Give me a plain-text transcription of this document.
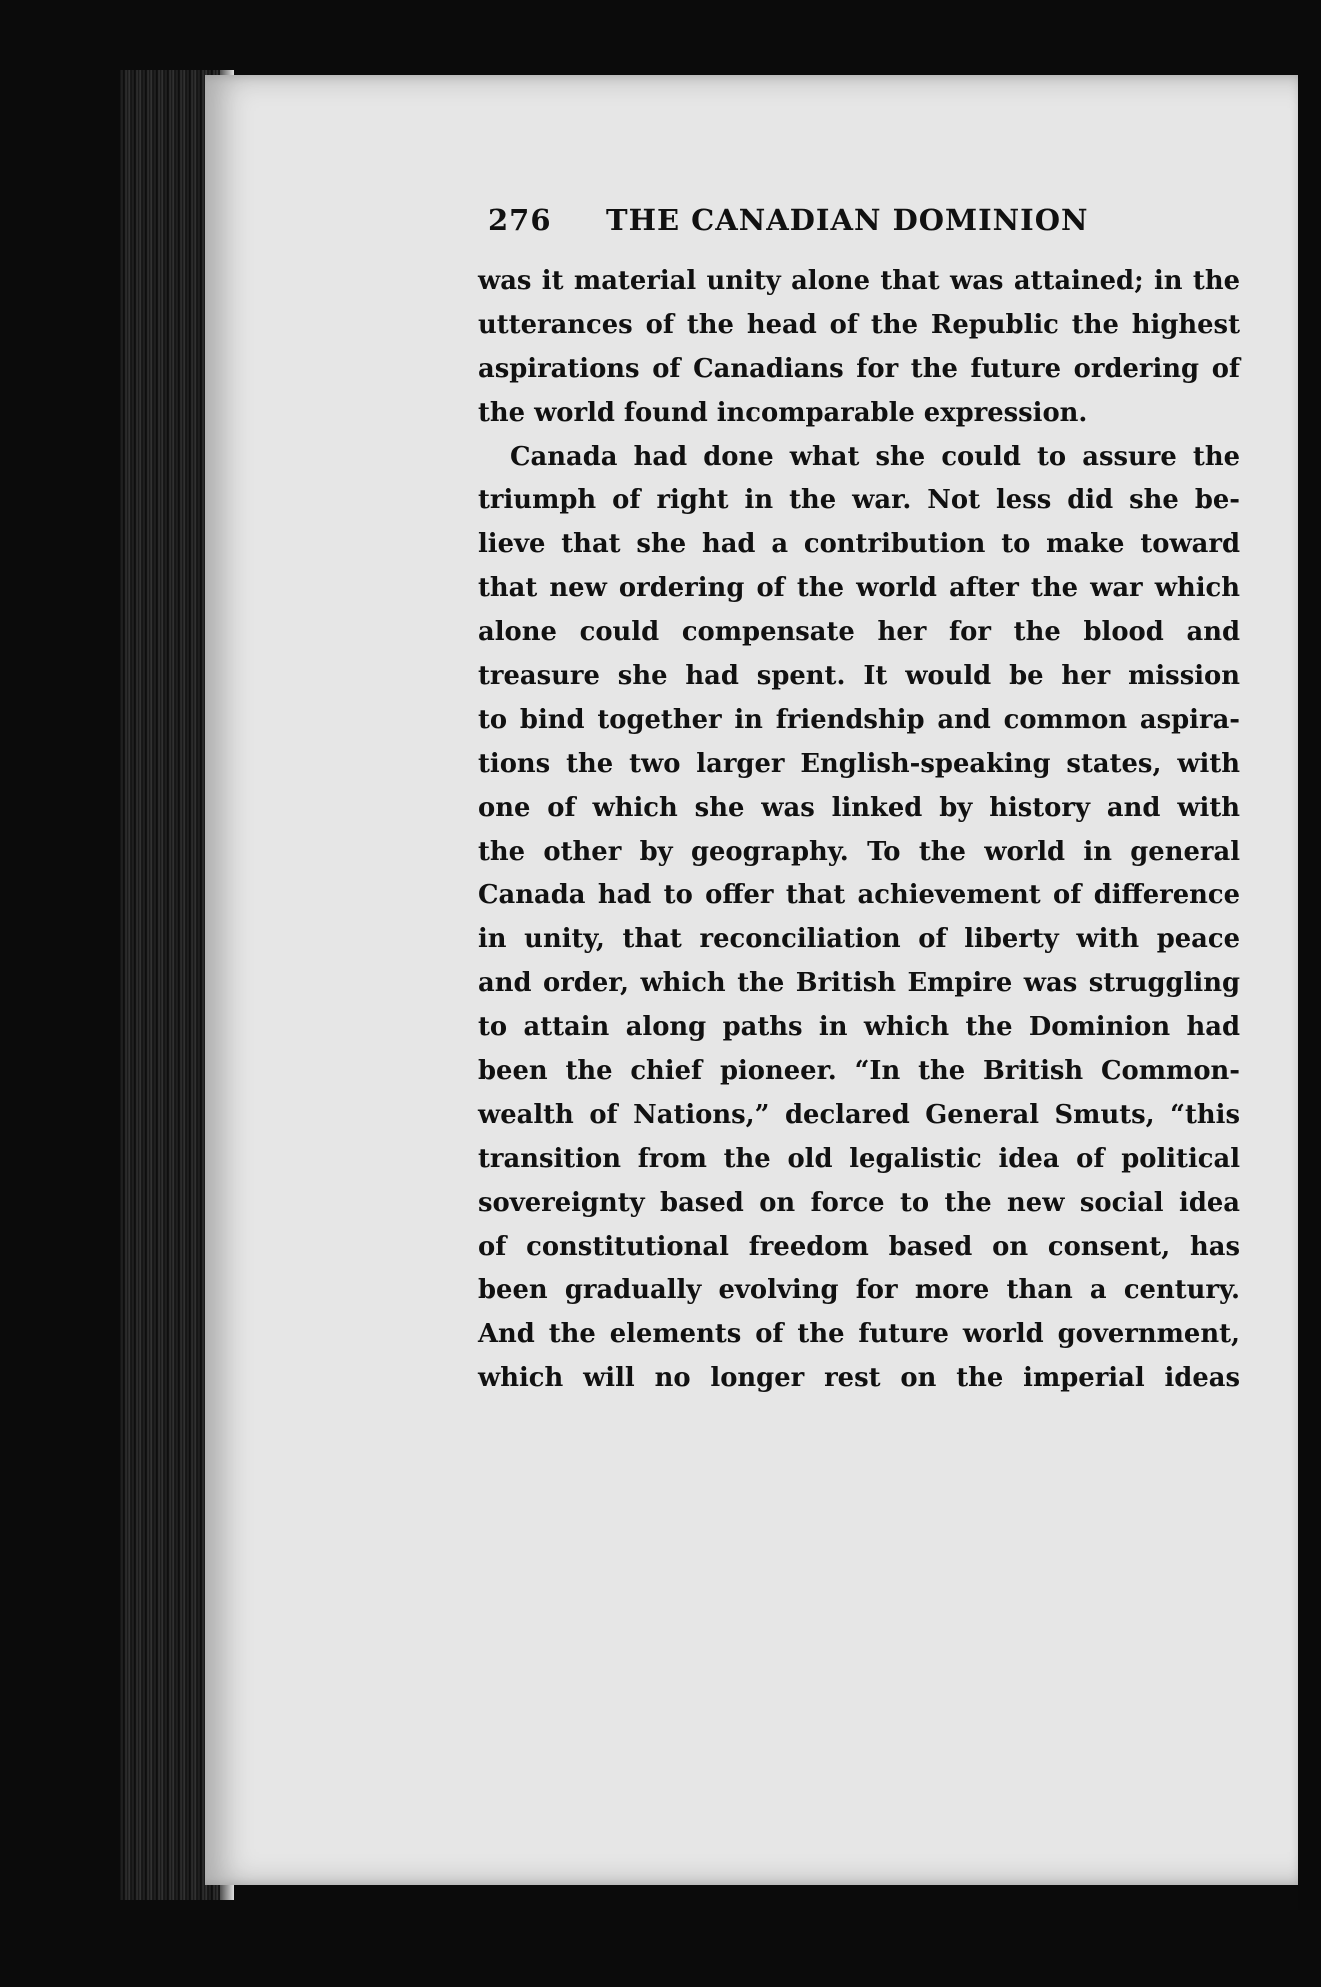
276 THE CANADIAN DOMINION
was it material unity alone that was attained; in the
utterances of the head of the Republic the highest
aspirations of Canadians for the future ordering of
the world found incomparable expression.
Canada had done what she could to assure the
triumph of right in the war. Not less did she be-
lieve that she had a contribution to make toward
that new ordering of the world after the war which
alone could compensate her for the blood and
treasure she had spent. It would be her mission
to bind together in friendship and common aspira-
tions the two larger English-speaking states, with
one of which she was linked by history and with
the other by geography. To the world in general
Canada had to offer that achievement of difference
in unity, that reconciliation of liberty with peace
and order, which the British Empire was struggling
to attain along paths in which the Dominion had
been the chief pioneer. “In the British Common-
wealth of Nations,” declared General Smuts, “this
transition from the old legalistic idea of political
sovereignty based on force to the new social idea
of constitutional freedom based on consent, has
been gradually evolving for more than a century.
And the elements of the future world government,
which will no longer rest on the imperial ideas
